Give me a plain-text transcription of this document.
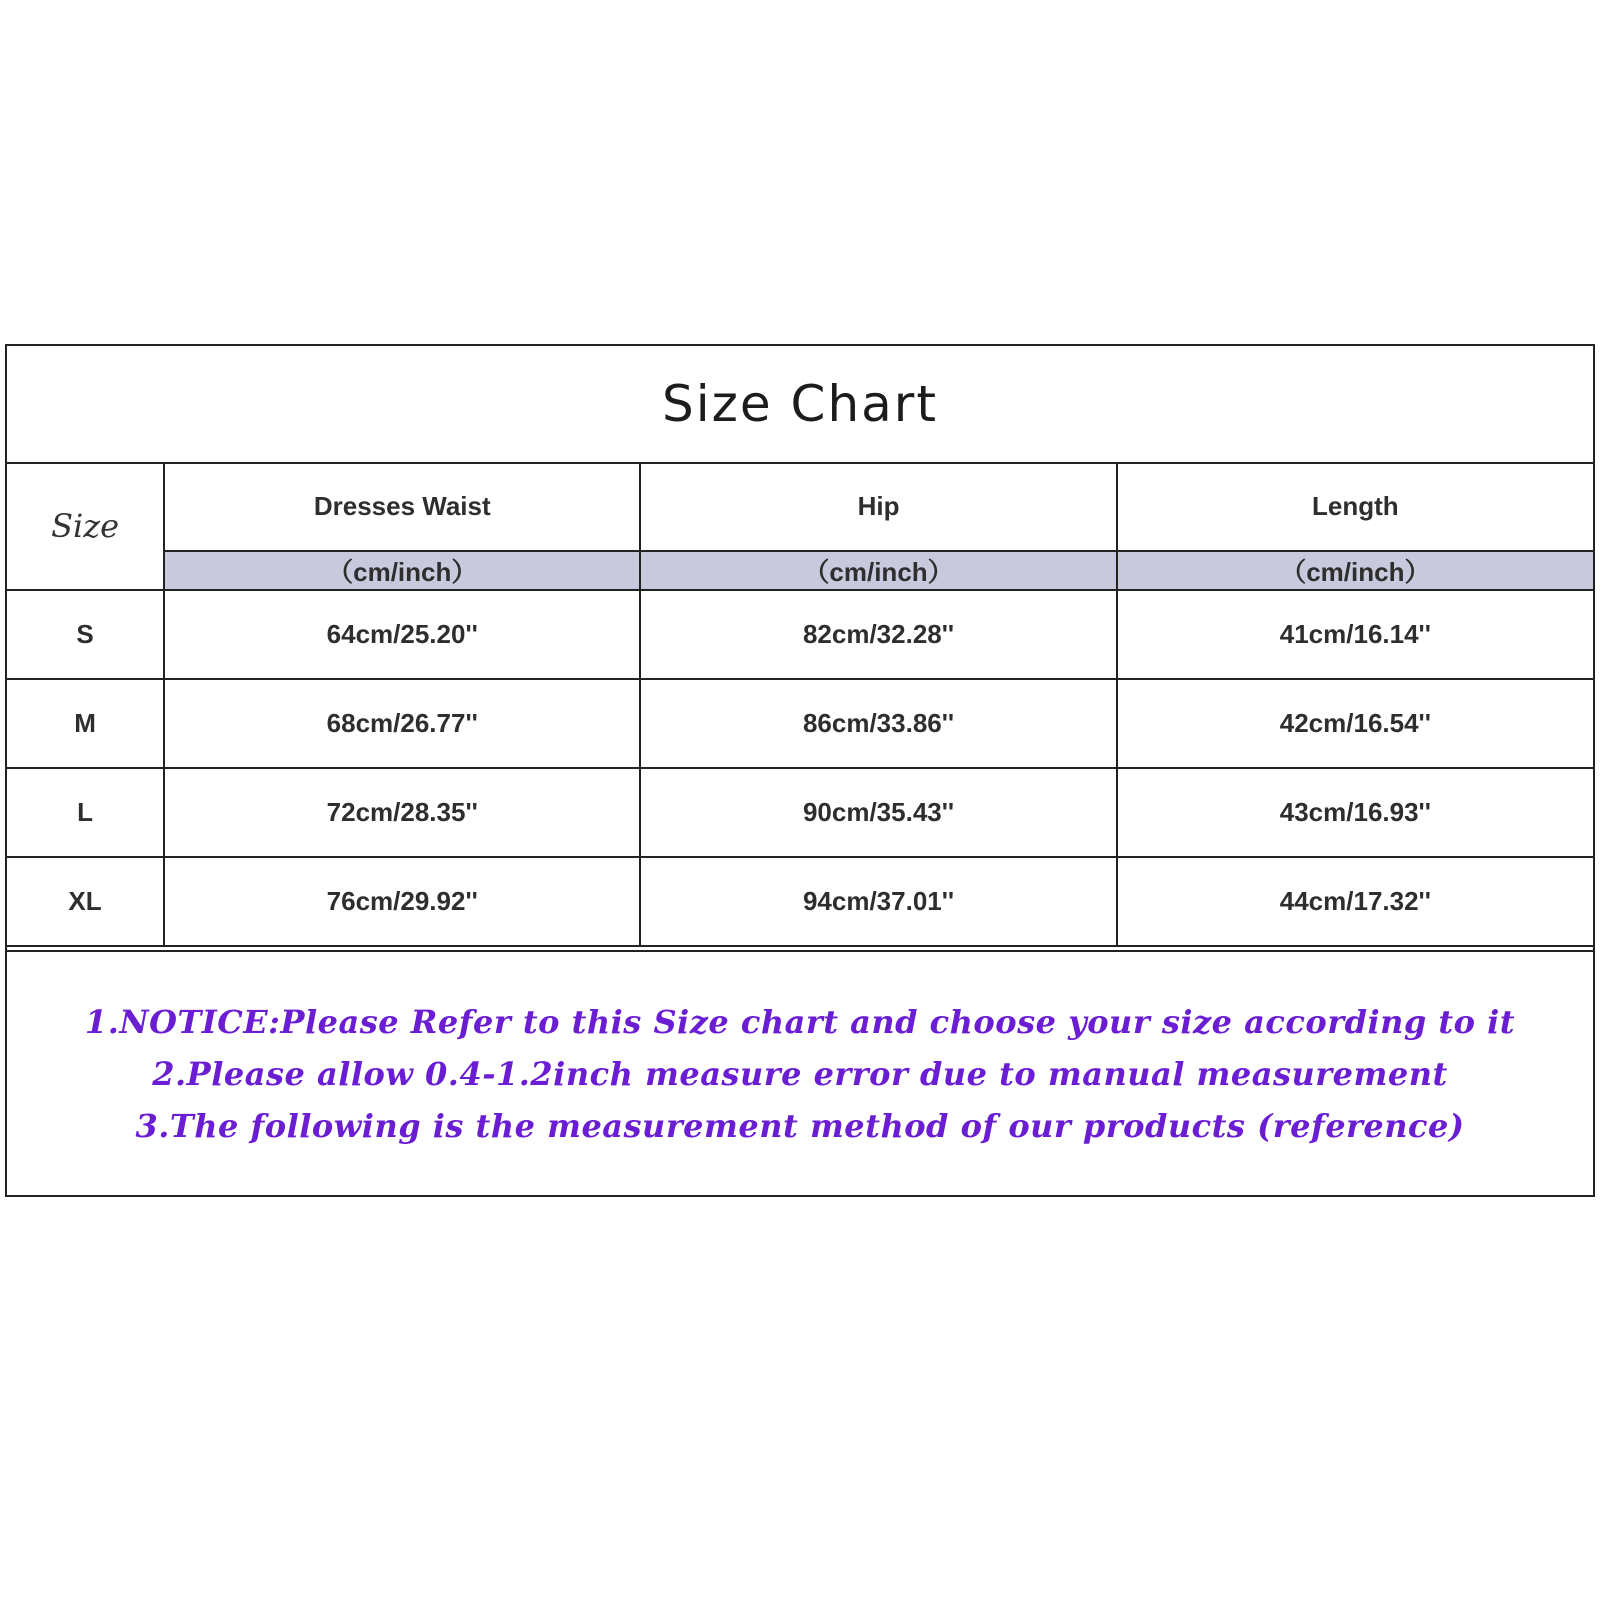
Size Chart
Size	Dresses Waist	Hip	Length
	（cm/inch）	（cm/inch）	（cm/inch）
S	64cm/25.20''	82cm/32.28''	41cm/16.14''
M	68cm/26.77''	86cm/33.86''	42cm/16.54''
L	72cm/28.35''	90cm/35.43''	43cm/16.93''
XL	76cm/29.92''	94cm/37.01''	44cm/17.32''
1.NOTICE:Please Refer to this Size chart and choose your size according to it
2.Please allow 0.4-1.2inch measure error due to manual measurement
3.The following is the measurement method of our products (reference)
